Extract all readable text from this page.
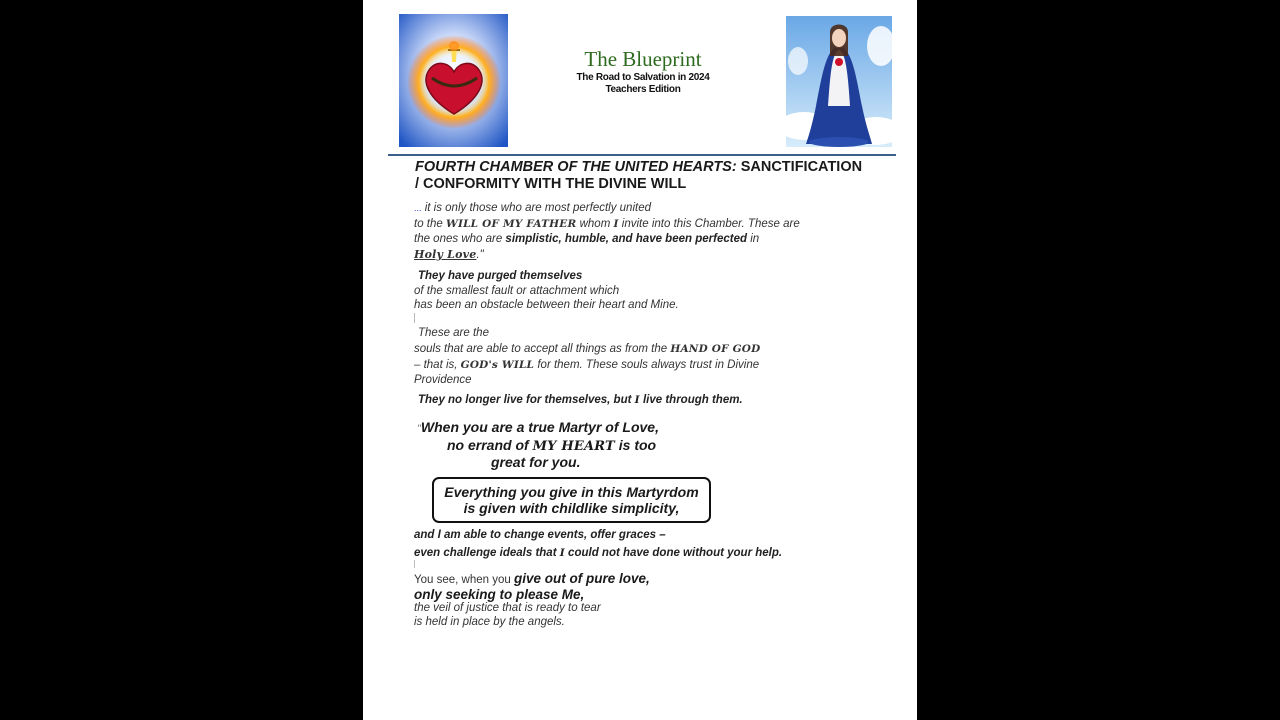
The Blueprint
The Road to Salvation in 2024
Teachers Edition
FOURTH CHAMBER OF THE UNITED HEARTS: SANCTIFICATION
/ CONFORMITY WITH THE DIVINE WILL
... it is only those who are most perfectly united
to the WILL OF MY FATHER whom I invite into this Chamber. These are
the ones who are simplistic, humble, and have been perfected in
Holy Love."
They have purged themselves
of the smallest fault or attachment which
has been an obstacle between their heart and Mine.
These are the
souls that are able to accept all things as from the HAND OF GOD
– that is, GOD's WILL for them. These souls always trust in Divine
Providence
They no longer live for themselves, but I live through them.
"When you are a true Martyr of Love,
no errand of MY HEART is too
great for you.
Everything you give in this Martyrdom
is given with childlike simplicity,
and I am able to change events, offer graces –
even challenge ideals that I could not have done without your help.
You see, when you give out of pure love,
only seeking to please Me,
the veil of justice that is ready to tear
is held in place by the angels.
